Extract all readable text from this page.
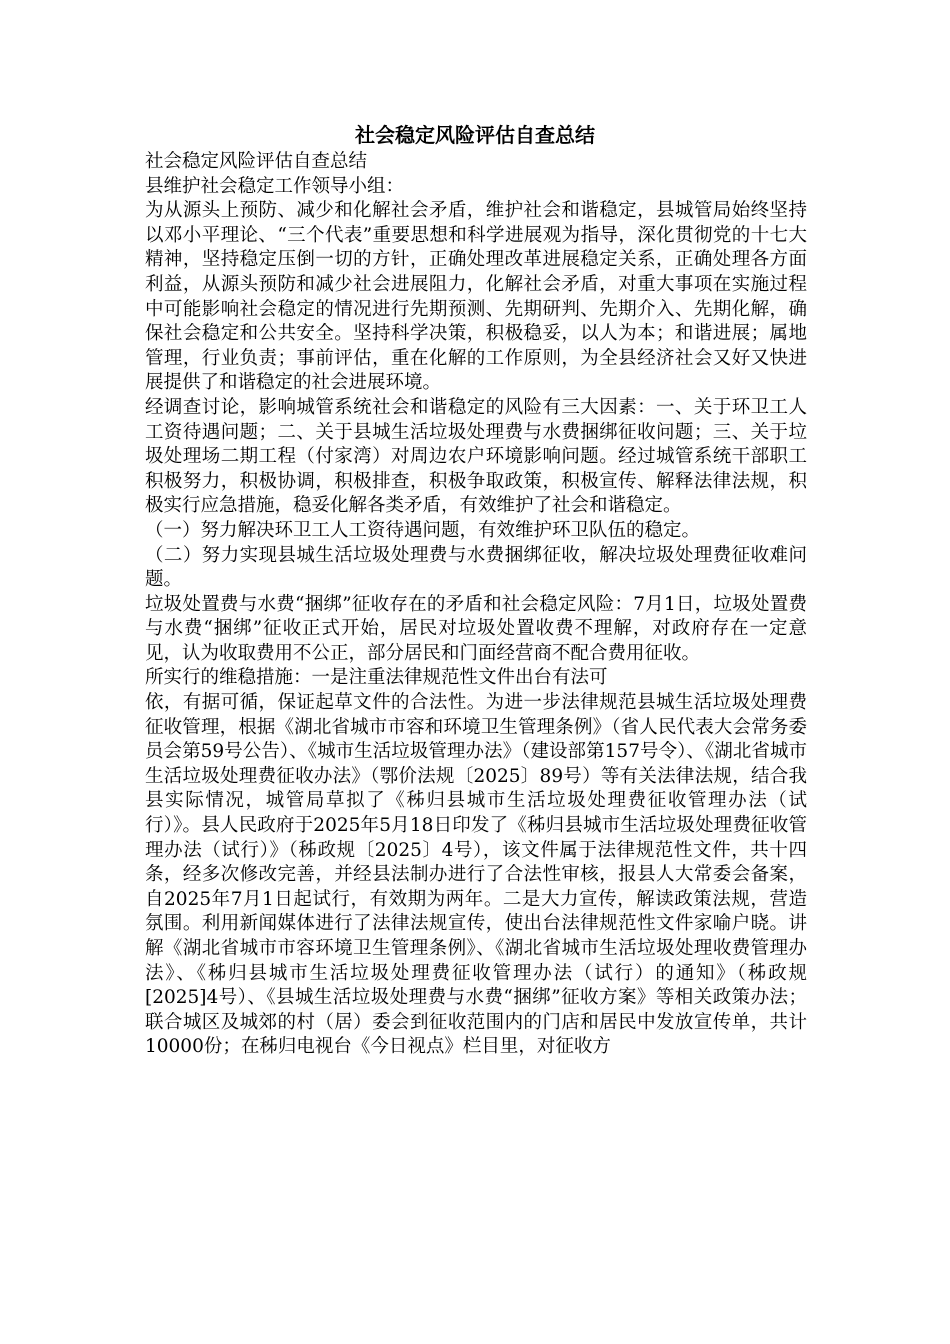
社会稳定风险评估自查总结

社会稳定风险评估自查总结

县维护社会稳定工作领导小组：

为从源头上预防、减少和化解社会矛盾，维护社会和谐稳定，县城管局始终坚持以邓小平理论、“三个代表”重要思想和科学进展观为指导，深化贯彻党的十七大精神，坚持稳定压倒一切的方针，正确处理改革进展稳定关系，正确处理各方面利益，从源头预防和减少社会进展阻力，化解社会矛盾，对重大事项在实施过程中可能影响社会稳定的情况进行先期预测、先期研判、先期介入、先期化解，确保社会稳定和公共安全。坚持科学决策，积极稳妥，以人为本；和谐进展；属地管理，行业负责；事前评估，重在化解的工作原则，为全县经济社会又好又快进展提供了和谐稳定的社会进展环境。

经调查讨论，影响城管系统社会和谐稳定的风险有三大因素：一、关于环卫工人工资待遇问题；二、关于县城生活垃圾处理费与水费捆绑征收问题；三、关于垃圾处理场二期工程（付家湾）对周边农户环境影响问题。经过城管系统干部职工积极努力，积极协调，积极排查，积极争取政策，积极宣传、解释法律法规，积极实行应急措施，稳妥化解各类矛盾，有效维护了社会和谐稳定。

（一）努力解决环卫工人工资待遇问题，有效维护环卫队伍的稳定。

（二）努力实现县城生活垃圾处理费与水费捆绑征收，解决垃圾处理费征收难问题。

垃圾处置费与水费“捆绑”征收存在的矛盾和社会稳定风险：7月1日，垃圾处置费与水费“捆绑”征收正式开始，居民对垃圾处置收费不理解，对政府存在一定意见，认为收取费用不公正，部分居民和门面经营商不配合费用征收。

所实行的维稳措施：一是注重法律规范性文件出台有法可

依，有据可循，保证起草文件的合法性。为进一步法律规范县城生活垃圾处理费征收管理，根据《湖北省城市市容和环境卫生管理条例》（省人民代表大会常务委员会第59号公告）、《城市生活垃圾管理办法》（建设部第157号令）、《湖北省城市生活垃圾处理费征收办法》（鄂价法规〔2025〕89号）等有关法律法规，结合我县实际情况，城管局草拟了《秭归县城市生活垃圾处理费征收管理办法（试行）》。县人民政府于2025年5月18日印发了《秭归县城市生活垃圾处理费征收管理办法（试行）》（秭政规〔2025〕4号），该文件属于法律规范性文件，共十四条，经多次修改完善，并经县法制办进行了合法性审核，报县人大常委会备案，自2025年7月1日起试行，有效期为两年。二是大力宣传，解读政策法规，营造氛围。利用新闻媒体进行了法律法规宣传，使出台法律规范性文件家喻户晓。讲解《湖北省城市市容环境卫生管理条例》、《湖北省城市生活垃圾处理收费管理办法》、《秭归县城市生活垃圾处理费征收管理办法（试行）的通知》（秭政规[2025]4号）、《县城生活垃圾处理费与水费“捆绑”征收方案》等相关政策办法；联合城区及城郊的村（居）委会到征收范围内的门店和居民中发放宣传单，共计10000份；在秭归电视台《今日视点》栏目里，对征收方
